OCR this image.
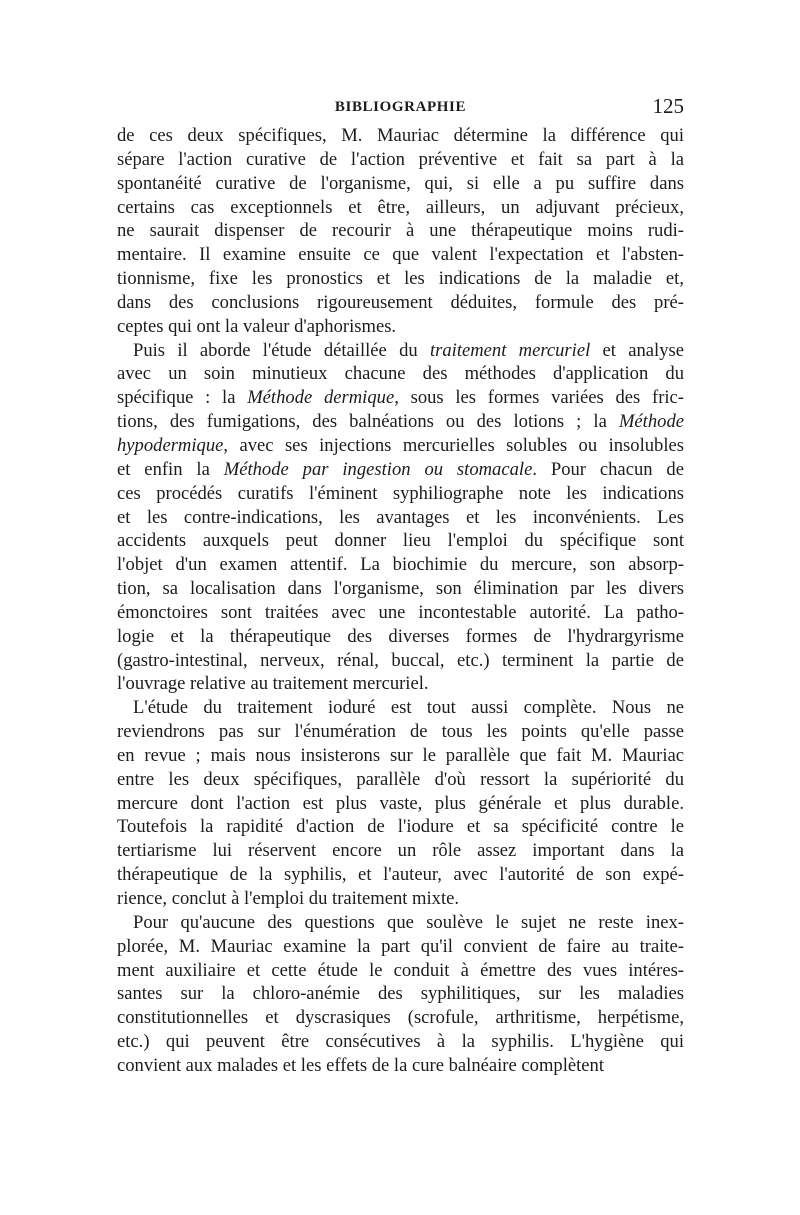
BIBLIOGRAPHIE	125
de ces deux spécifiques, M. Mauriac détermine la différence qui
sépare l'action curative de l'action préventive et fait sa part à la
spontanéité curative de l'organisme, qui, si elle a pu suffire dans
certains cas exceptionnels et être, ailleurs, un adjuvant précieux,
ne saurait dispenser de recourir à une thérapeutique moins rudi-
mentaire. Il examine ensuite ce que valent l'expectation et l'absten-
tionnisme, fixe les pronostics et les indications de la maladie et,
dans des conclusions rigoureusement déduites, formule des pré-
ceptes qui ont la valeur d'aphorismes.
Puis il aborde l'étude détaillée du traitement mercuriel et analyse
avec un soin minutieux chacune des méthodes d'application du
spécifique : la Méthode dermique, sous les formes variées des fric-
tions, des fumigations, des balnéations ou des lotions ; la Méthode
hypodermique, avec ses injections mercurielles solubles ou insolubles
et enfin la Méthode par ingestion ou stomacale. Pour chacun de
ces procédés curatifs l'éminent syphiliographe note les indications
et les contre-indications, les avantages et les inconvénients. Les
accidents auxquels peut donner lieu l'emploi du spécifique sont
l'objet d'un examen attentif. La biochimie du mercure, son absorp-
tion, sa localisation dans l'organisme, son élimination par les divers
émonctoires sont traitées avec une incontestable autorité. La patho-
logie et la thérapeutique des diverses formes de l'hydrargyrisme
(gastro-intestinal, nerveux, rénal, buccal, etc.) terminent la partie de
l'ouvrage relative au traitement mercuriel.
L'étude du traitement ioduré est tout aussi complète. Nous ne
reviendrons pas sur l'énumération de tous les points qu'elle passe
en revue ; mais nous insisterons sur le parallèle que fait M. Mauriac
entre les deux spécifiques, parallèle d'où ressort la supériorité du
mercure dont l'action est plus vaste, plus générale et plus durable.
Toutefois la rapidité d'action de l'iodure et sa spécificité contre le
tertiarisme lui réservent encore un rôle assez important dans la
thérapeutique de la syphilis, et l'auteur, avec l'autorité de son expé-
rience, conclut à l'emploi du traitement mixte.
Pour qu'aucune des questions que soulève le sujet ne reste inex-
plorée, M. Mauriac examine la part qu'il convient de faire au traite-
ment auxiliaire et cette étude le conduit à émettre des vues intéres-
santes sur la chloro-anémie des syphilitiques, sur les maladies
constitutionnelles et dyscrasiques (scrofule, arthritisme, herpétisme,
etc.) qui peuvent être consécutives à la syphilis. L'hygiène qui
convient aux malades et les effets de la cure balnéaire complètent
